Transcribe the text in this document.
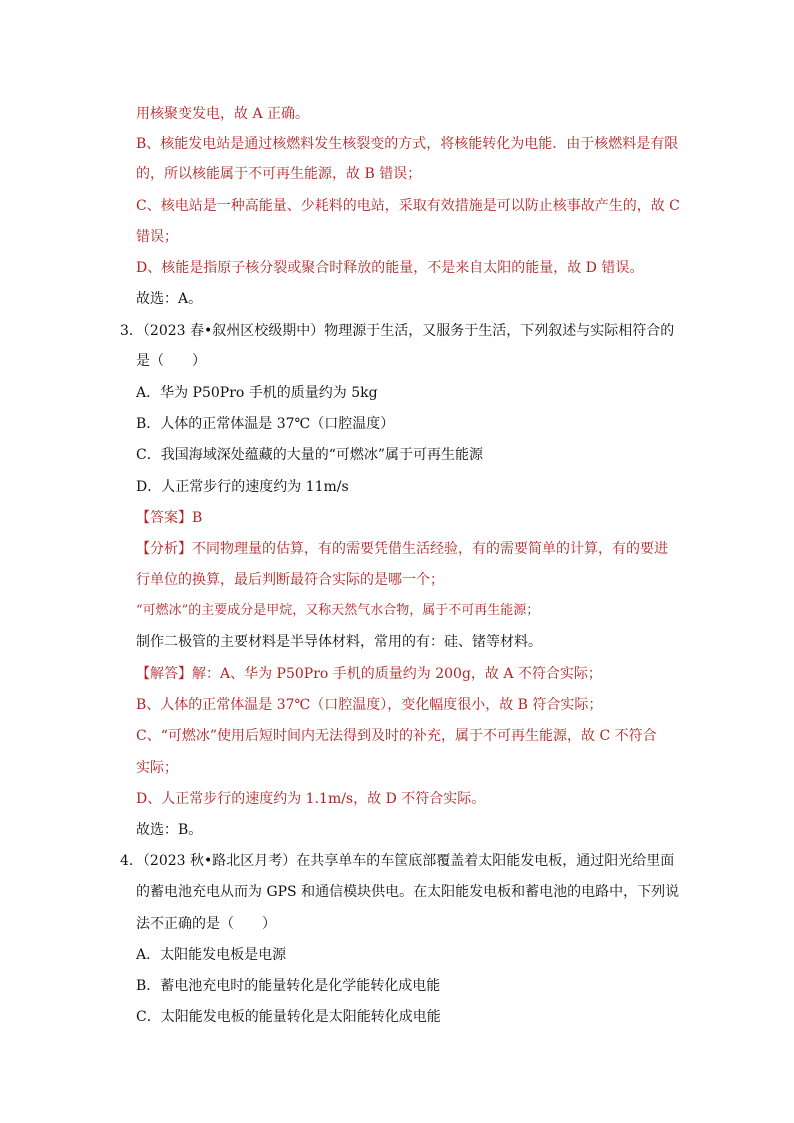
用核聚变发电，故 A 正确。
B、核能发电站是通过核燃料发生核裂变的方式，将核能转化为电能．由于核燃料是有限
的，所以核能属于不可再生能源，故 B 错误；
C、核电站是一种高能量、少耗料的电站，采取有效措施是可以防止核事故产生的，故 C
错误；
D、核能是指原子核分裂或聚合时释放的能量，不是来自太阳的能量，故 D 错误。
故选：A。
3．（2023 春•叙州区校级期中）物理源于生活，又服务于生活，下列叙述与实际相符合的
是（　　）
A．华为 P50Pro 手机的质量约为 5kg
B．人体的正常体温是 37℃（口腔温度）
C．我国海域深处蕴藏的大量的“可燃冰”属于可再生能源
D．人正常步行的速度约为 11m/s
【答案】B
【分析】不同物理量的估算，有的需要凭借生活经验，有的需要简单的计算，有的要进
行单位的换算，最后判断最符合实际的是哪一个；
“可燃冰”的主要成分是甲烷，又称天然气水合物，属于不可再生能源；
制作二极管的主要材料是半导体材料，常用的有：硅、锗等材料。
【解答】解：A、华为 P50Pro 手机的质量约为 200g，故 A 不符合实际；
B、人体的正常体温是 37℃（口腔温度），变化幅度很小，故 B 符合实际；
C、“可燃冰”使用后短时间内无法得到及时的补充，属于不可再生能源，故 C 不符合
实际；
D、人正常步行的速度约为 1.1m/s，故 D 不符合实际。
故选：B。
4．（2023 秋•路北区月考）在共享单车的车筐底部覆盖着太阳能发电板，通过阳光给里面
的蓄电池充电从而为 GPS 和通信模块供电。在太阳能发电板和蓄电池的电路中，下列说
法不正确的是（　　）
A．太阳能发电板是电源
B．蓄电池充电时的能量转化是化学能转化成电能
C．太阳能发电板的能量转化是太阳能转化成电能
